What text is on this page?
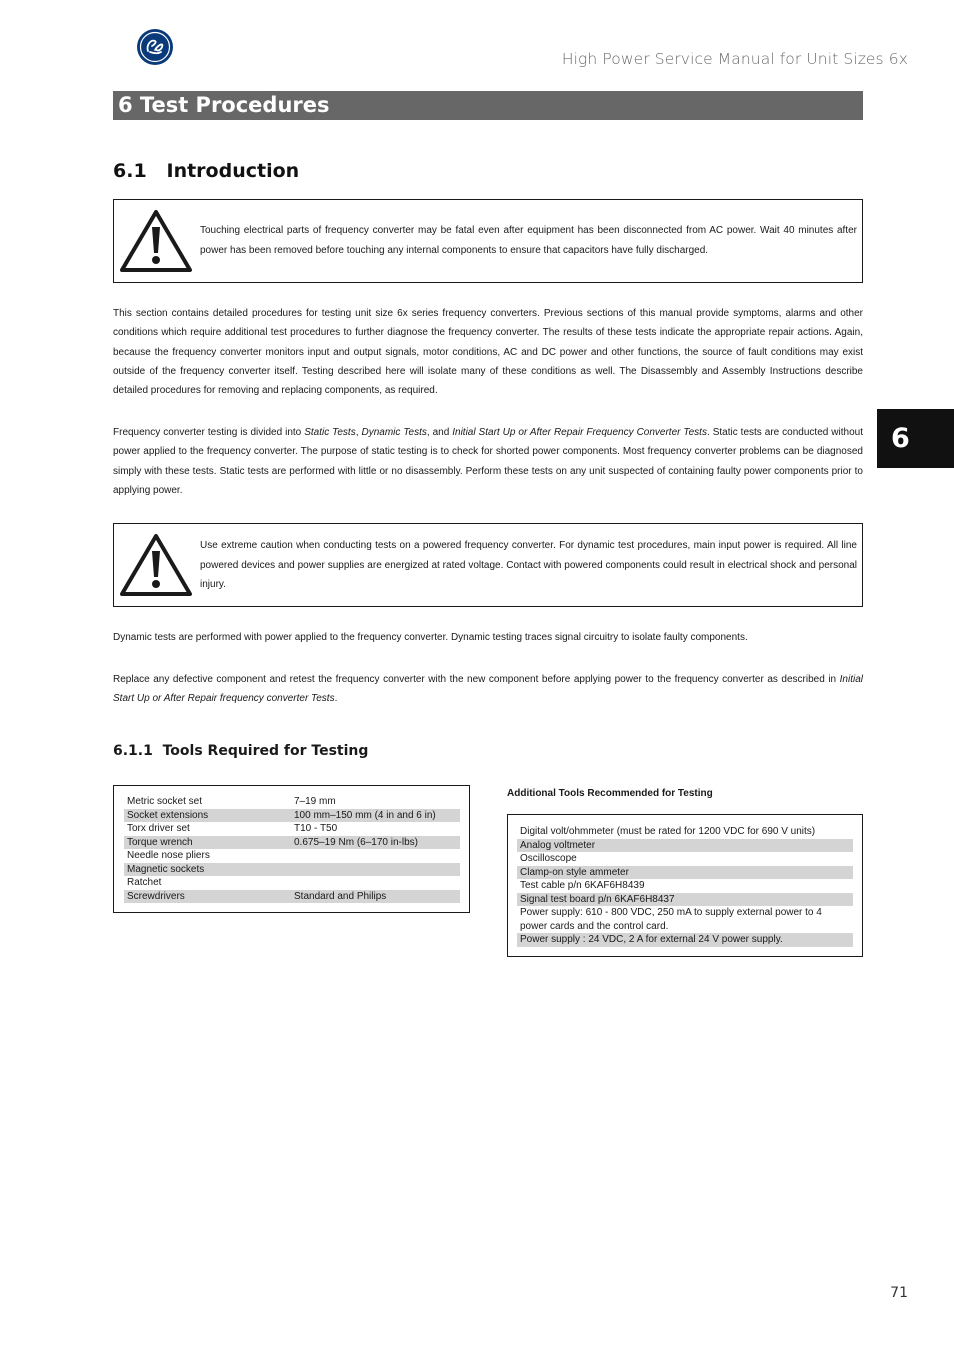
High Power Service Manual for Unit Sizes 6x
6 Test Procedures
6.1   Introduction
Touching electrical parts of frequency converter may be fatal even after equipment has been disconnected from AC power. Wait 40 minutes after power has been removed before touching any internal components to ensure that capacitors have fully discharged.

This section contains detailed procedures for testing unit size 6x series frequency converters. Previous sections of this manual provide symptoms, alarms and other conditions which require additional test procedures to further diagnose the frequency converter. The results of these tests indicate the appropriate repair actions. Again, because the frequency converter monitors input and output signals, motor conditions, AC and DC power and other functions, the source of fault conditions may exist outside of the frequency converter itself. Testing described here will isolate many of these conditions as well. The Disassembly and Assembly Instructions describe detailed procedures for removing and replacing components, as required.

Frequency converter testing is divided into Static Tests, Dynamic Tests, and Initial Start Up or After Repair Frequency Converter Tests. Static tests are conducted without power applied to the frequency converter. The purpose of static testing is to check for shorted power components. Most frequency converter problems can be diagnosed simply with these tests. Static tests are performed with little or no disassembly. Perform these tests on any unit suspected of containing faulty power components prior to applying power.

6
Use extreme caution when conducting tests on a powered frequency converter. For dynamic test procedures, main input power is required. All line powered devices and power supplies are energized at rated voltage. Contact with powered components could result in electrical shock and personal injury.

Dynamic tests are performed with power applied to the frequency converter. Dynamic testing traces signal circuitry to isolate faulty components.

Replace any defective component and retest the frequency converter with the new component before applying power to the frequency converter as described in Initial Start Up or After Repair frequency converter Tests.

6.1.1  Tools Required for Testing
Metric socket set	7–19 mm
Socket extensions	100 mm–150 mm (4 in and 6 in)
Torx driver set	T10 - T50
Torque wrench	0.675–19 Nm (6–170 in-lbs)
Needle nose pliers	
Magnetic sockets	
Ratchet	
Screwdrivers	Standard and Philips
Additional Tools Recommended for Testing
Digital volt/ohmmeter (must be rated for 1200 VDC for 690 V units)
Analog voltmeter
Oscilloscope
Clamp-on style ammeter
Test cable p/n 6KAF6H8439
Signal test board p/n 6KAF6H8437
Power supply: 610 - 800 VDC, 250 mA to supply external power to 4 power cards and the control card.
Power supply : 24 VDC, 2 A for external 24 V power supply.
71
